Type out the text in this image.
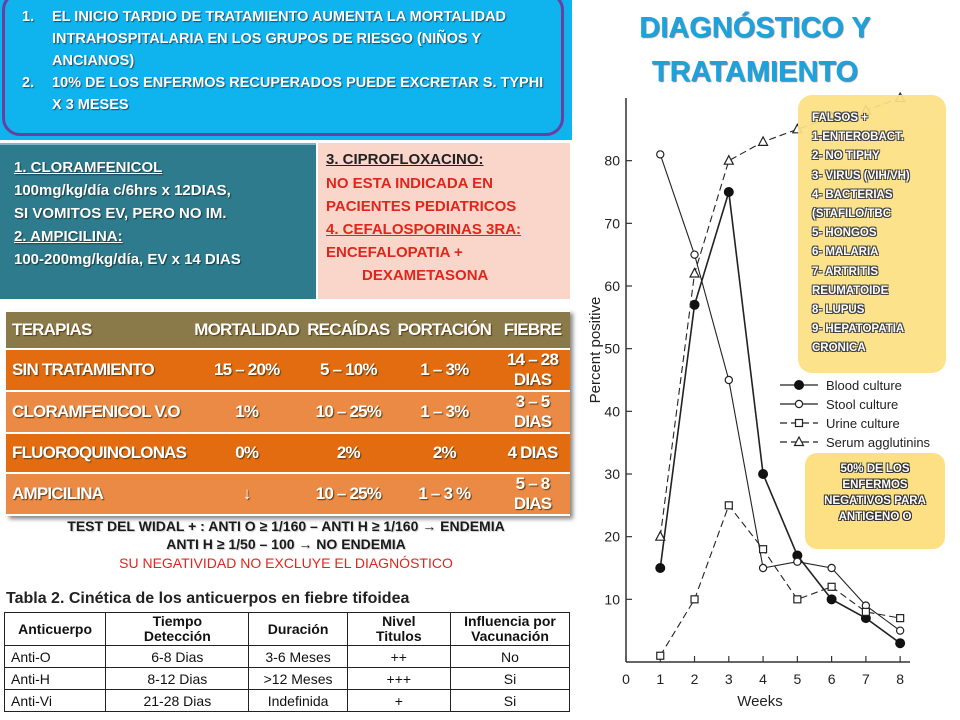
1. EL INICIO TARDIO DE TRATAMIENTO AUMENTA LA MORTALIDAD INTRAHOSPITALARIA EN LOS GRUPOS DE RIESGO (NIÑOS Y ANCIANOS)
2. 10% DE LOS ENFERMOS RECUPERADOS PUEDE EXCRETAR S. TYPHI X 3 MESES
DIAGNÓSTICO Y
TRATAMIENTO
1. CLORAMFENICOL
100mg/kg/día c/6hrs x 12DIAS,
SI VOMITOS EV, PERO NO IM.
2. AMPICILINA:
100-200mg/kg/día, EV x 14 DIAS
3. CIPROFLOXACINO:
NO ESTA INDICADA EN
PACIENTES PEDIATRICOS
4. CEFALOSPORINAS 3RA:
ENCEFALOPATIA +
DEXAMETASONA
TERAPIAS	MORTALIDAD	RECAÍDAS	PORTACIÓN	FIEBRE
SIN TRATAMIENTO	15 – 20%	5 – 10%	1 – 3%	14 – 28 DIAS
CLORAMFENICOL V.O	1%	10 – 25%	1 – 3%	3 – 5 DIAS
FLUOROQUINOLONAS	0%	2%	2%	4 DIAS
AMPICILINA	↓	10 – 25%	1 – 3 %	5 – 8 DIAS
TEST DEL WIDAL + : ANTI O ≥ 1/160 – ANTI H ≥ 1/160 → ENDEMIA
ANTI H ≥ 1/50 – 100 → NO ENDEMIA
SU NEGATIVIDAD NO EXCLUYE EL DIAGNÓSTICO
Tabla 2. Cinética de los anticuerpos en fiebre tifoidea
Anticuerpo	Tiempo Detección	Duración	Nivel Titulos	Influencia por Vacunación
Anti-O	6-8 Dias	3-6 Meses	++	No
Anti-H	8-12 Dias	>12 Meses	+++	Si
Anti-Vi	21-28 Dias	Indefinida	+	Si
0 1 2 3 4 5 6 7 8
10
20
30
40
50
60
70
80
Percent positive
Weeks
Blood culture
Stool culture
Urine culture
Serum agglutinins
FALSOS +
1-ENTEROBACT.
2- NO TIPHY
3- VIRUS (VIH/VH)
4- BACTERIAS
(STAFILO/TBC
5- HONGOS
6- MALARIA
7- ARTRITIS
REUMATOIDE
8- LUPUS
9- HEPATOPATIA
CRONICA
50% DE LOS ENFERMOS NEGATIVOS PARA ANTIGENO O
